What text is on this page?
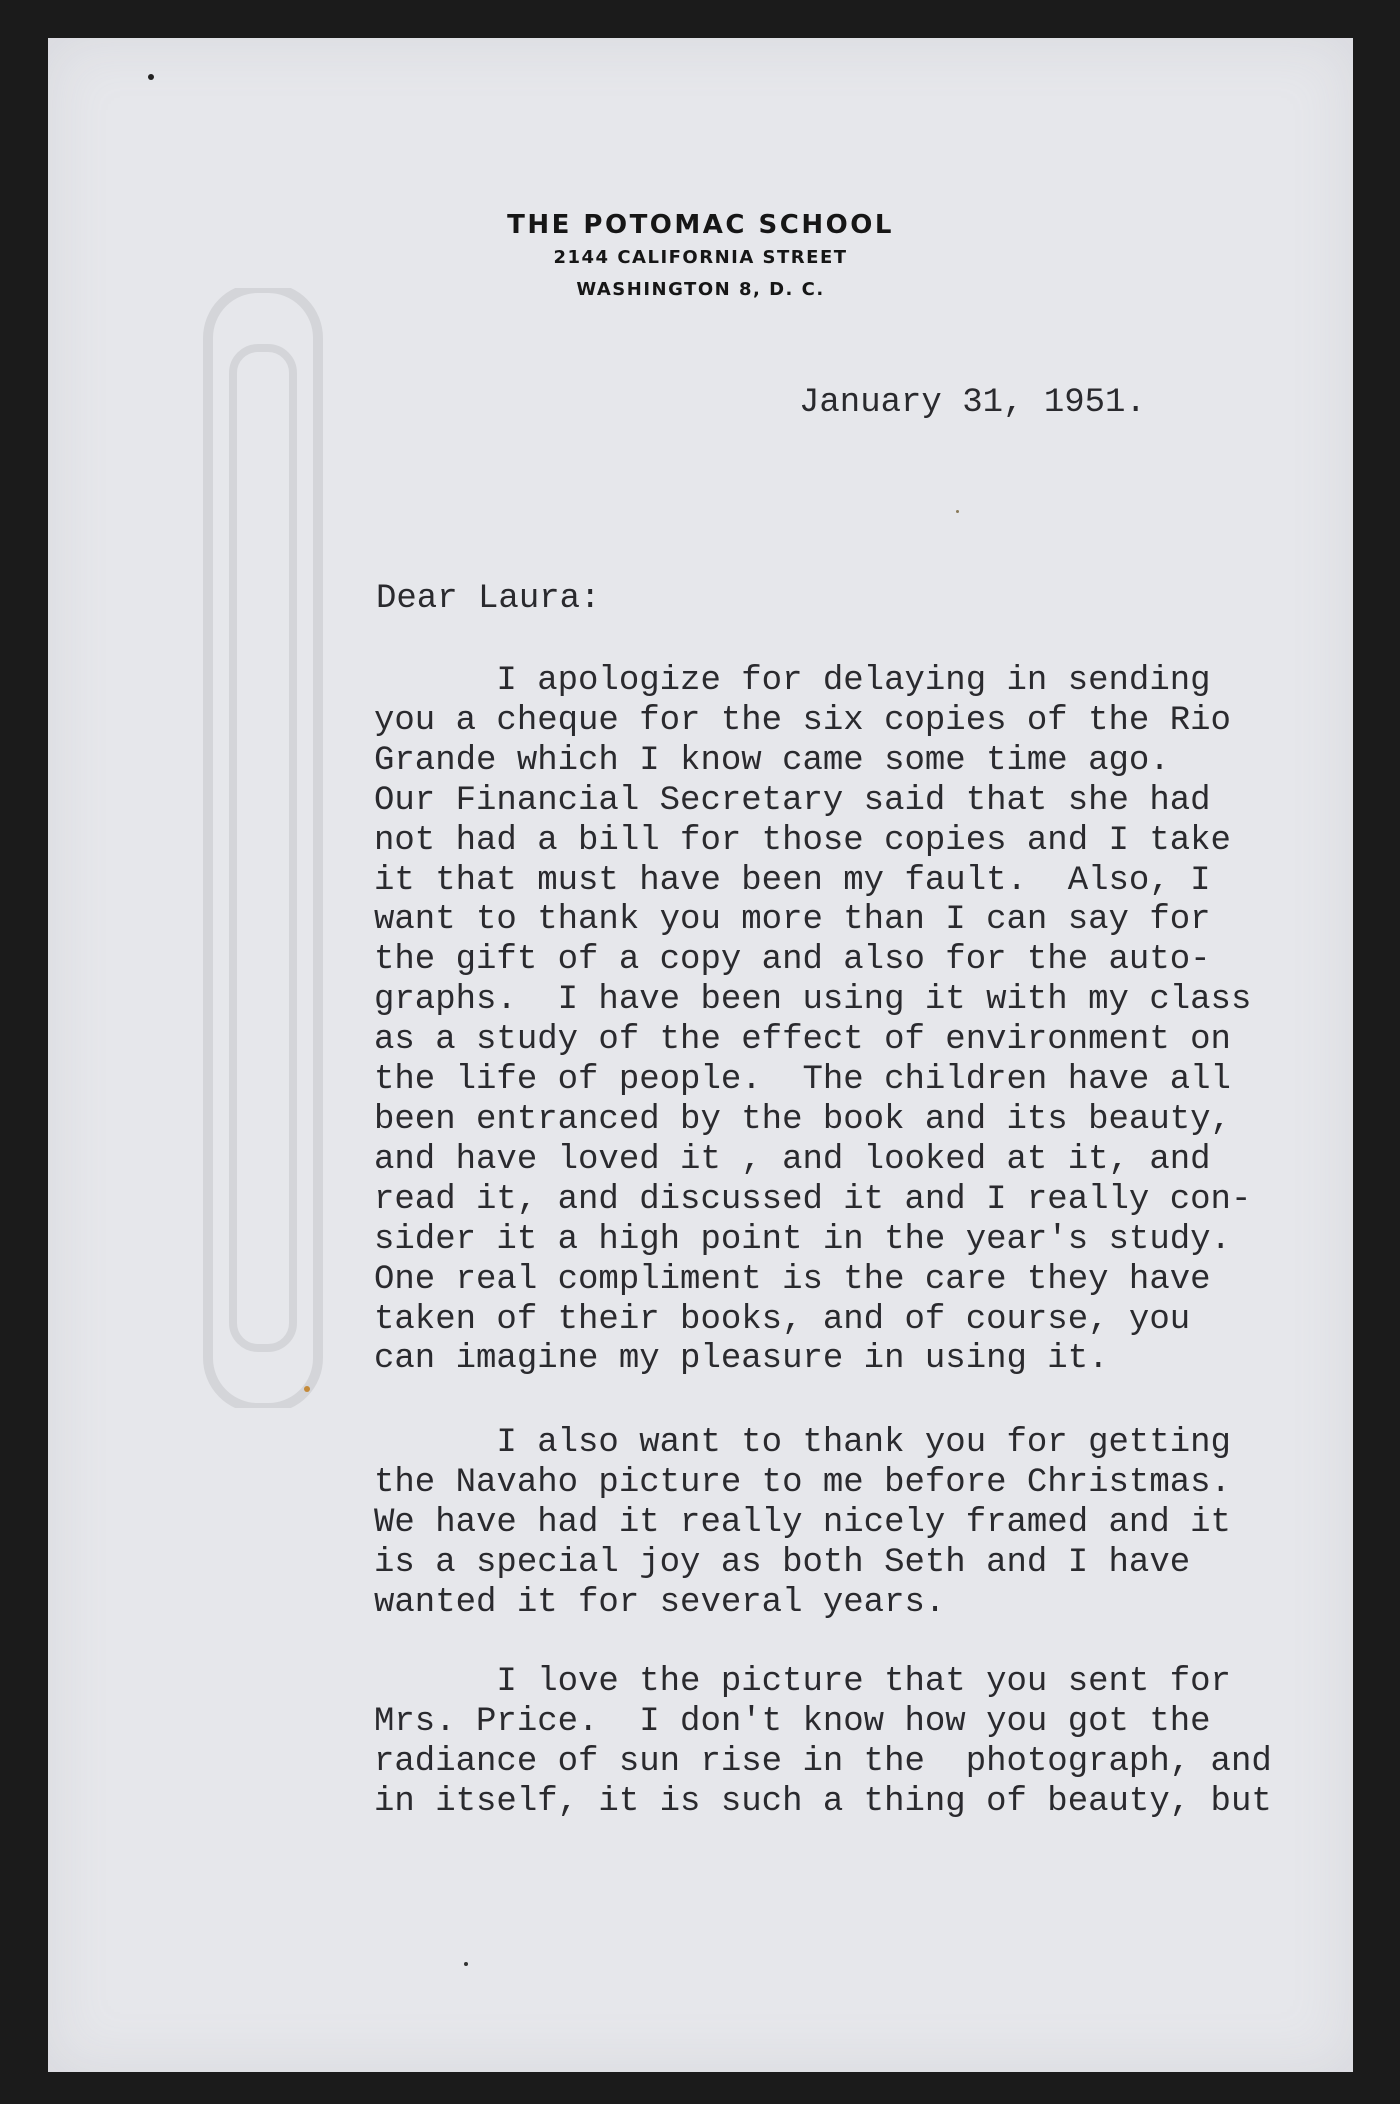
THE POTOMAC SCHOOL
2144 CALIFORNIA STREET
WASHINGTON 8, D. C.
January 31, 1951.
Dear Laura:

I apologize for delaying in sending
you a cheque for the six copies of the Rio
Grande which I know came some time ago.
Our Financial Secretary said that she had
not had a bill for those copies and I take
it that must have been my fault.  Also, I
want to thank you more than I can say for
the gift of a copy and also for the auto-
graphs.  I have been using it with my class
as a study of the effect of environment on
the life of people.  The children have all
been entranced by the book and its beauty,
and have loved it , and looked at it, and
read it, and discussed it and I really con-
sider it a high point in the year's study.
One real compliment is the care they have
taken of their books, and of course, you
can imagine my pleasure in using it.

I also want to thank you for getting
the Navaho picture to me before Christmas.
We have had it really nicely framed and it
is a special joy as both Seth and I have
wanted it for several years.

I love the picture that you sent for
Mrs. Price.  I don't know how you got the
radiance of sun rise in the  photograph, and
in itself, it is such a thing of beauty, but
